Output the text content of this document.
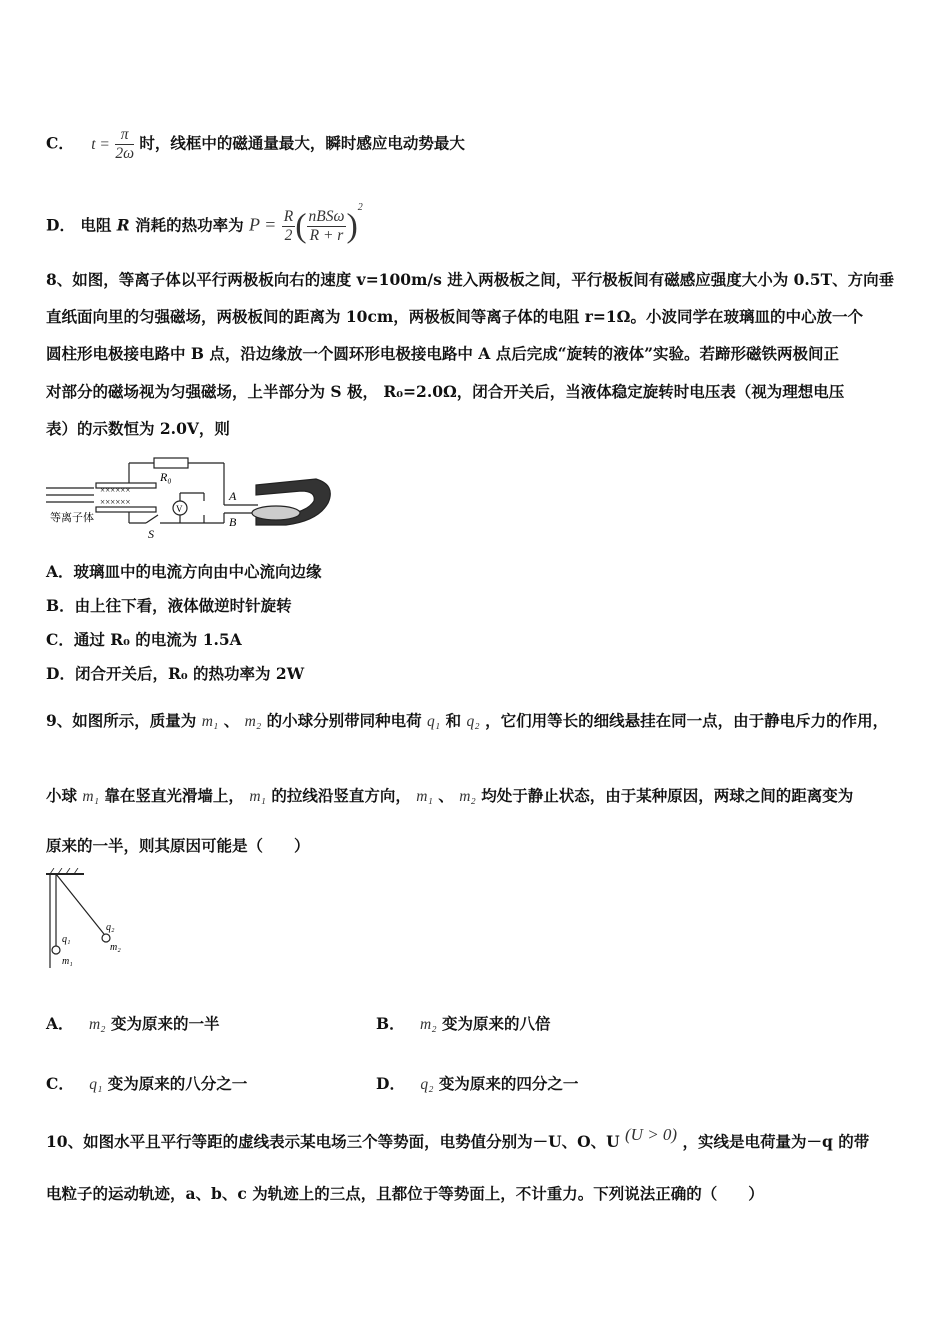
C． $t = \frac{\pi}{2\omega}$ 时，线框中的磁通量最大，瞬时感应电动势最大
D． 电阻 R 消耗的热功率为 $P = \frac{R}{2}$ ( $\frac{\text{nBSω}}{R + r} )^2$
8、如图，等离子体以平行两极板向右的速度 v=100m/s 进入两极板之间，平行极板间有磁感应强度大小为 0.5T、方向垂
直纸面向里的匀强磁场，两极板间的距离为 10cm，两极板间等离子体的电阻 r=1Ω。小波同学在玻璃皿的中心放一个
圆柱形电极接电路中 B 点，沿边缘放一个圆环形电极接电路中 A 点后完成“旋转的液体”实验。若蹄形磁铁两极间正
对部分的磁场视为匀强磁场，上半部分为 S 极， R₀=2.0Ω，闭合开关后，当液体稳定旋转时电压表（视为理想电压
表）的示数恒为 2.0V，则
R₀
××××××
××××××
V
A
B
S
等离子体
A．玻璃皿中的电流方向由中心流向边缘
B．由上往下看，液体做逆时针旋转
C．通过 R₀ 的电流为 1.5A
D．闭合开关后，R₀ 的热功率为 2W
9、如图所示，质量为 m₁ 、 m₂ 的小球分别带同种电荷 q₁ 和 q₂ ，它们用等长的细线悬挂在同一点，由于静电斥力的作用，
小球 m₁ 靠在竖直光滑墙上， m₁ 的拉线沿竖直方向， m₁ 、 m₂ 均处于静止状态，由于某种原因，两球之间的距离变为
原来的一半，则其原因可能是（　　）
q₁
m₁
q₂
m₂
A． m₂ 变为原来的一半	B． m₂ 变为原来的八倍
C． q₁ 变为原来的八分之一	D． q₂ 变为原来的四分之一
10、如图水平且平行等距的虚线表示某电场三个等势面，电势值分别为－U、O、U (U > 0) ，实线是电荷量为－q 的带
电粒子的运动轨迹，a、b、c 为轨迹上的三点，且都位于等势面上，不计重力。下列说法正确的（　　）
